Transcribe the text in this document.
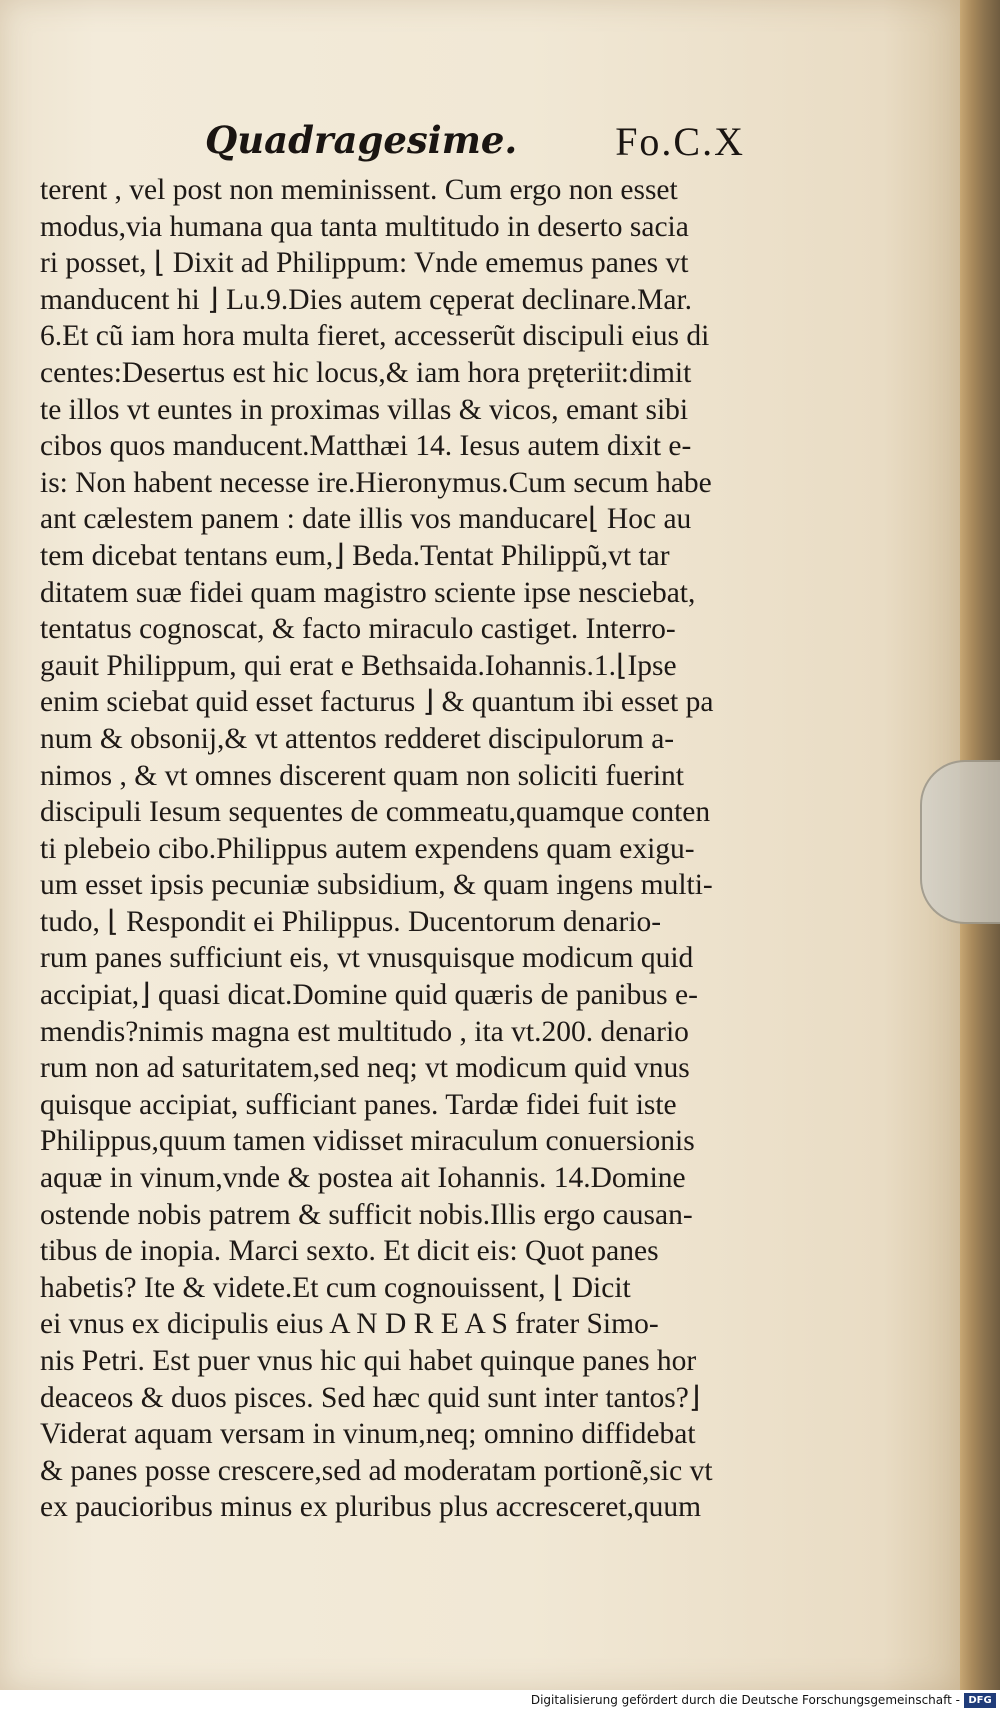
Quadragesime. Fo.C.X
terent , vel post non meminissent. Cum ergo non esset
modus,via humana qua tanta multitudo in deserto sacia
ri posset, ⌊ Dixit ad Philippum: Vnde ememus panes vt
manducent hi ⌋ Lu.9.Dies autem cęperat declinare.Mar.
6.Et cũ iam hora multa fieret, accesserũt discipuli eius di
centes:Desertus est hic locus,& iam hora pręteriit:dimit
te illos vt euntes in proximas villas & vicos, emant sibi
cibos quos manducent.Matthæi 14. Iesus autem dixit e-
is: Non habent necesse ire.Hieronymus.Cum secum habe
ant cælestem panem : date illis vos manducare⌊ Hoc au
tem dicebat tentans eum,⌋ Beda.Tentat Philippũ,vt tar
ditatem suæ fidei quam magistro sciente ipse nesciebat,
tentatus cognoscat, & facto miraculo castiget. Interro-
gauit Philippum, qui erat e Bethsaida.Iohannis.1.⌊Ipse
enim sciebat quid esset facturus ⌋ & quantum ibi esset pa
num & obsonij,& vt attentos redderet discipulorum a-
nimos , & vt omnes discerent quam non soliciti fuerint
discipuli Iesum sequentes de commeatu,quamque conten
ti plebeio cibo.Philippus autem expendens quam exigu-
um esset ipsis pecuniæ subsidium, & quam ingens multi-
tudo, ⌊ Respondit ei Philippus. Ducentorum denario-
rum panes sufficiunt eis, vt vnusquisque modicum quid
accipiat,⌋ quasi dicat.Domine quid quæris de panibus e-
mendis?nimis magna est multitudo , ita vt.200. denario
rum non ad saturitatem,sed neq; vt modicum quid vnus
quisque accipiat, sufficiant panes. Tardæ fidei fuit iste
Philippus,quum tamen vidisset miraculum conuersionis
aquæ in vinum,vnde & postea ait Iohannis. 14.Domine
ostende nobis patrem & sufficit nobis.Illis ergo causan-
tibus de inopia. Marci sexto. Et dicit eis: Quot panes
habetis? Ite & videte.Et cum cognouissent, ⌊ Dicit
ei vnus ex dicipulis eius A N D R E A S frater Simo-
nis Petri. Est puer vnus hic qui habet quinque panes hor
deaceos & duos pisces. Sed hæc quid sunt inter tantos?⌋
Viderat aquam versam in vinum,neq; omnino diffidebat
& panes posse crescere,sed ad moderatam portionẽ,sic vt
ex paucioribus minus ex pluribus plus accresceret,quum
Digitalisierung gefördert durch die Deutsche Forschungsgemeinschaft - DFG
